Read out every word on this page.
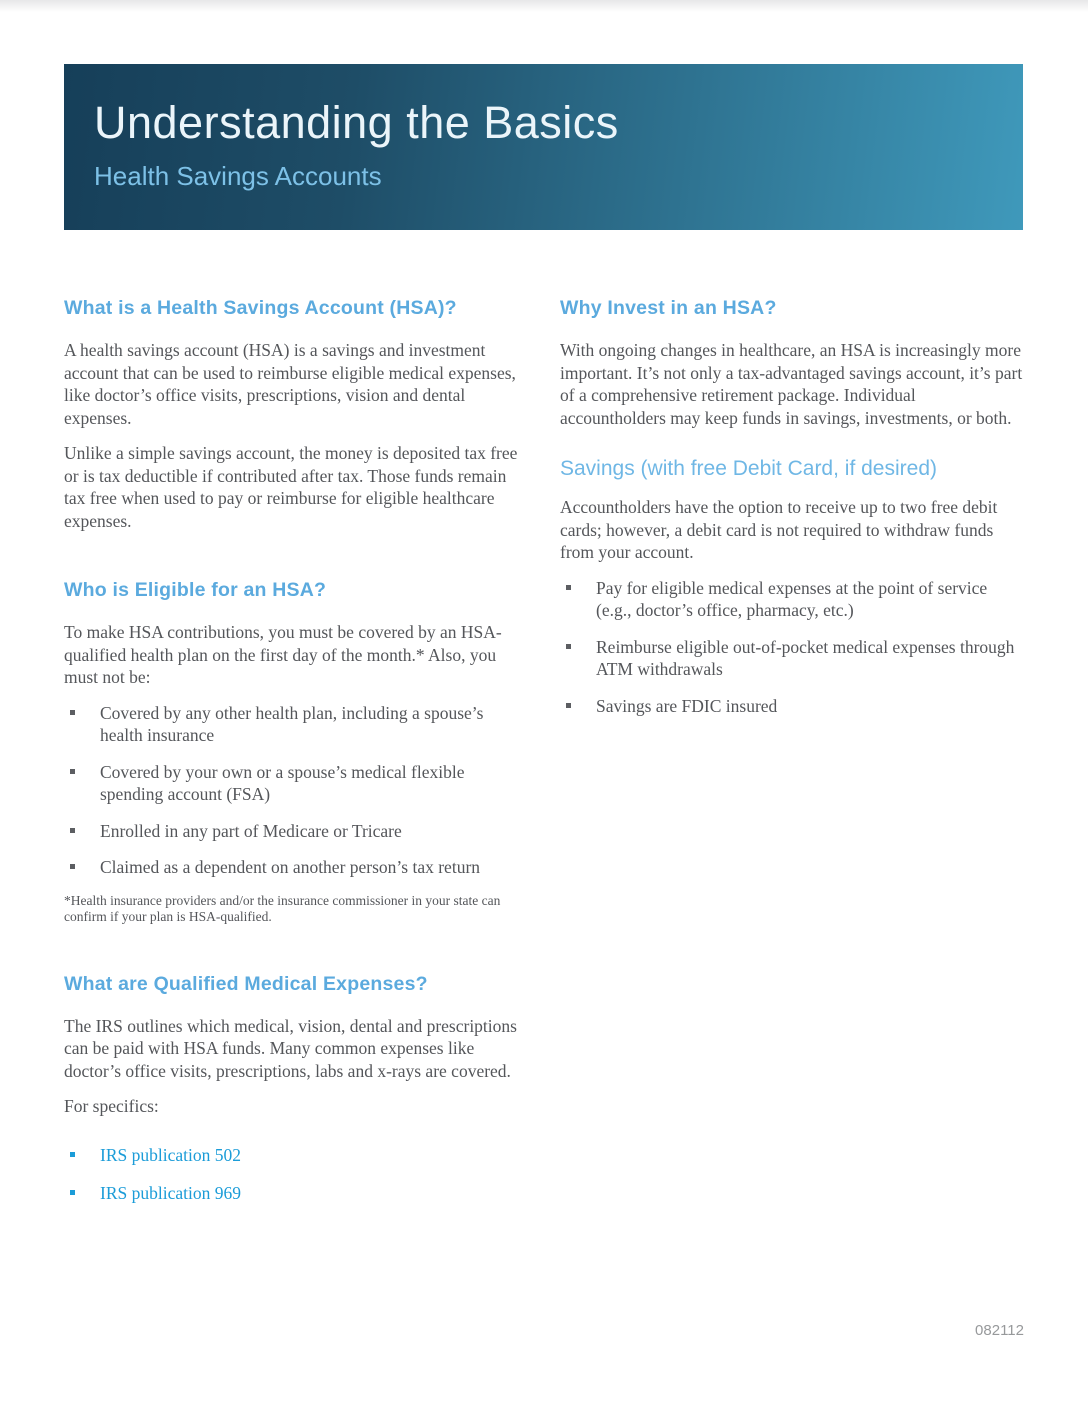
Understanding the Basics
Health Savings Accounts
What is a Health Savings Account (HSA)?

A health savings account (HSA) is a savings and investment account that can be used to reimburse eligible medical expenses, like doctor’s office visits, prescriptions, vision and dental expenses.

Unlike a simple savings account, the money is deposited tax free or is tax deductible if contributed after tax. Those funds remain tax free when used to pay or reimburse for eligible healthcare expenses.

Who is Eligible for an HSA?

To make HSA contributions, you must be covered by an HSA-qualified health plan on the first day of the month.* Also, you must not be:

Covered by any other health plan, including a spouse’s health insurance
Covered by your own or a spouse’s medical flexible spending account (FSA)
Enrolled in any part of Medicare or Tricare
Claimed as a dependent on another person’s tax return

*Health insurance providers and/or the insurance commissioner in your state can confirm if your plan is HSA-qualified.

What are Qualified Medical Expenses?

The IRS outlines which medical, vision, dental and prescriptions can be paid with HSA funds. Many common expenses like doctor’s office visits, prescriptions, labs and x-rays are covered.

For specifics:

IRS publication 502
IRS publication 969
Why Invest in an HSA?

With ongoing changes in healthcare, an HSA is increasingly more important. It’s not only a tax-advantaged savings account, it’s part of a comprehensive retirement package. Individual accountholders may keep funds in savings, investments, or both.

Savings (with free Debit Card, if desired)

Accountholders have the option to receive up to two free debit cards; however, a debit card is not required to withdraw funds from your account.

Pay for eligible medical expenses at the point of service (e.g., doctor’s office, pharmacy, etc.)
Reimburse eligible out-of-pocket medical expenses through ATM withdrawals
Savings are FDIC insured
082112
